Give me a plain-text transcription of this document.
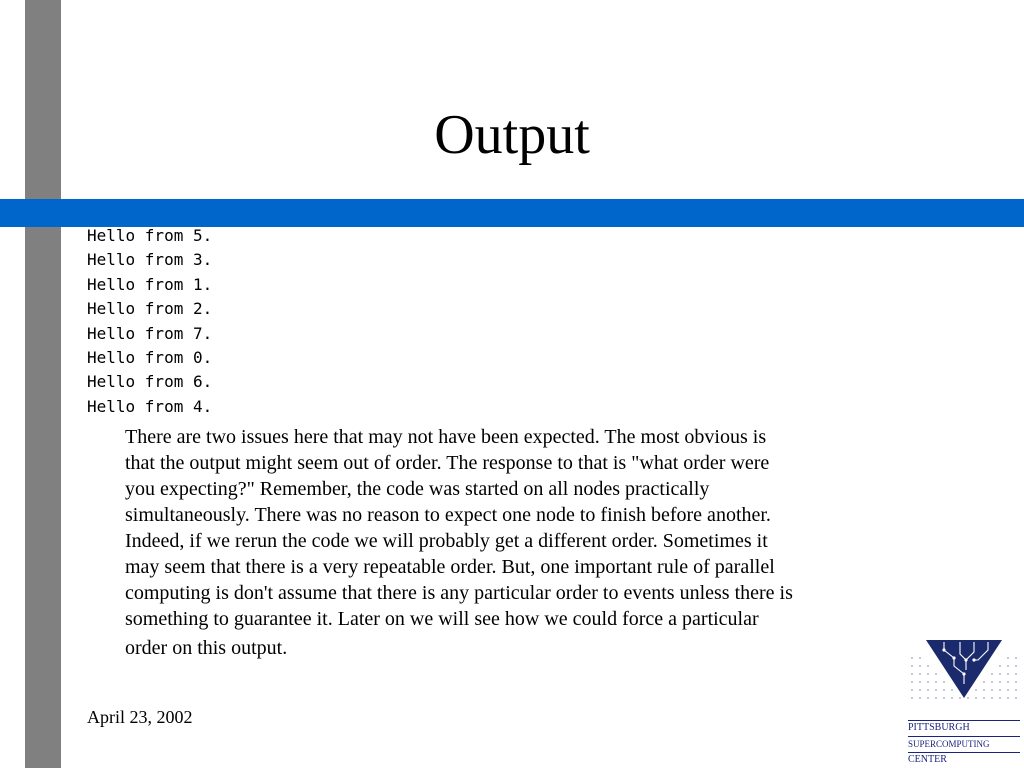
Output
Hello from 5.
Hello from 3.
Hello from 1.
Hello from 2.
Hello from 7.
Hello from 0.
Hello from 6.
Hello from 4.
There are two issues here that may not have been expected. The most obvious is
that the output might seem out of order. The response to that is "what order were
you expecting?" Remember, the code was started on all nodes practically
simultaneously. There was no reason to expect one node to finish before another.
Indeed, if we rerun the code we will probably get a different order. Sometimes it
may seem that there is a very repeatable order. But, one important rule of parallel
computing is don't assume that there is any particular order to events unless there is
something to guarantee it. Later on we will see how we could force a particular
order on this output.
April 23, 2002
PITTSBURGH
SUPERCOMPUTING
CENTER
